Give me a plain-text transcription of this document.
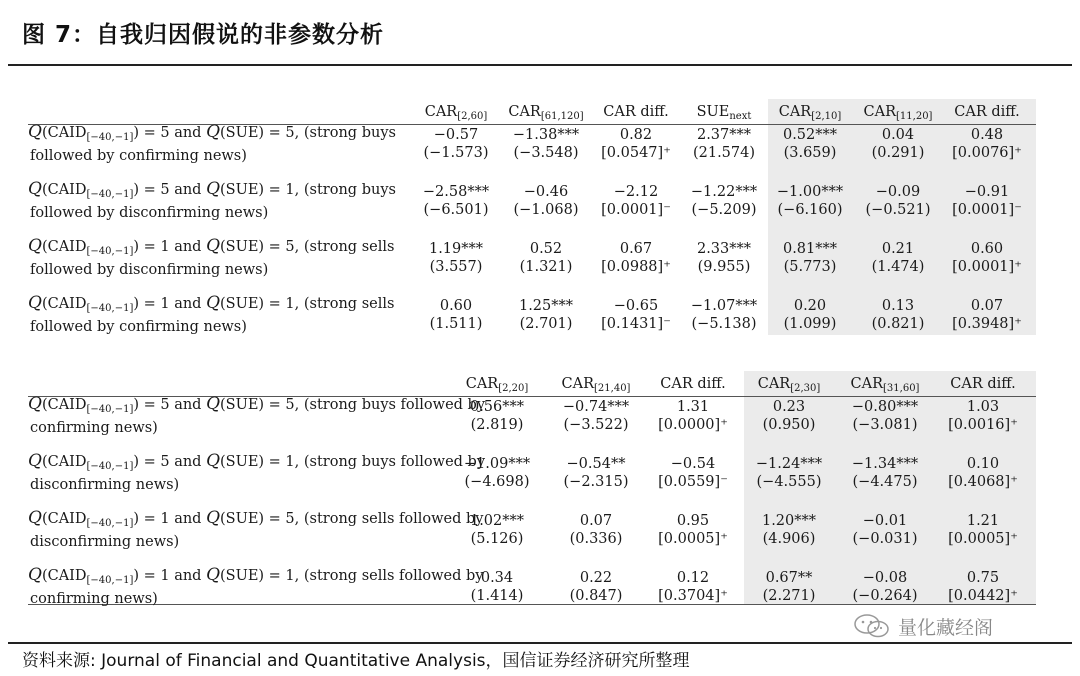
图 7：自我归因假说的非参数分析
$CAR_{[2,60]}$ $CAR_{[61,120]}$ CAR diff. $SUE_{next}$ $CAR_{[2,10]}$ $CAR_{[11,20]}$ CAR diff.
$Q(CAID_{[-40,-1]}) = 5$ and Q(SUE) = 5, (strong buys
followed by confirming news)
−0.57 −1.38***	0.82	2.37*** 0.52***	0.04	0.48
(−1.573) (−3.548) [0.0547]⁺ (21.574) (3.659) (0.291) [0.0076]⁺
$Q(CAID_{[-40,-1]}) = 5$ and Q(SUE) = 1, (strong buys
followed by disconfirming news)
−2.58*** −0.46	−2.12 −1.22*** −1.00*** −0.09	−0.91
(−6.501) (−1.068) [0.0001]⁻ (−5.209) (−6.160) (−0.521) [0.0001]⁻
$Q(CAID_{[-40,-1]}) = 1$ and Q(SUE) = 5, (strong sells
followed by disconfirming news)
1.19***	0.52	0.67	2.33*** 0.81***	0.21	0.60
(3.557)	(1.321) [0.0988]⁺ (9.955) (5.773) (1.474) [0.0001]⁺
$Q(CAID_{[-40,-1]}) = 1$ and Q(SUE) = 1, (strong sells
followed by confirming news)
0.60	1.25***	−0.65 −1.07***	0.20	0.13	0.07
(1.511)	(2.701) [0.1431]⁻ (−5.138) (1.099) (0.821) [0.3948]⁺
$CAR_{[2,20]}$ $CAR_{[21,40]}$ CAR diff. $CAR_{[2,30]}$ $CAR_{[31,60]}$ CAR diff.
$Q(CAID_{[-40,-1]}) = 5$ and Q(SUE) = 5, (strong buys followed by
confirming news)
0.56***	−0.74***	1.31	0.23	−0.80***	1.03
(2.819)	(−3.522) [0.0000]⁺ (0.950)	(−3.081) [0.0016]⁺
$Q(CAID_{[-40,-1]}) = 5$ and Q(SUE) = 1, (strong buys followed by
disconfirming news)
−1.09***	−0.54**	−0.54	−1.24*** −1.34***	0.10
(−4.698) (−2.315) [0.0559]⁻ (−4.555) (−4.475) [0.4068]⁺
$Q(CAID_{[-40,-1]}) = 1$ and Q(SUE) = 5, (strong sells followed by
disconfirming news)
1.02***	0.07	0.95	1.20***	−0.01	1.21
(5.126)	(0.336) [0.0005]⁺ (4.906)	(−0.031) [0.0005]⁺
$Q(CAID_{[-40,-1]}) = 1$ and Q(SUE) = 1, (strong sells followed by
confirming news)
0.34	0.22	0.12	0.67**	−0.08	0.75
(1.414)	(0.847) [0.3704]⁺ (2.271)	(−0.264) [0.0442]⁺
量化藏经阁
资料来源: Journal of Financial and Quantitative Analysis，国信证券经济研究所整理
